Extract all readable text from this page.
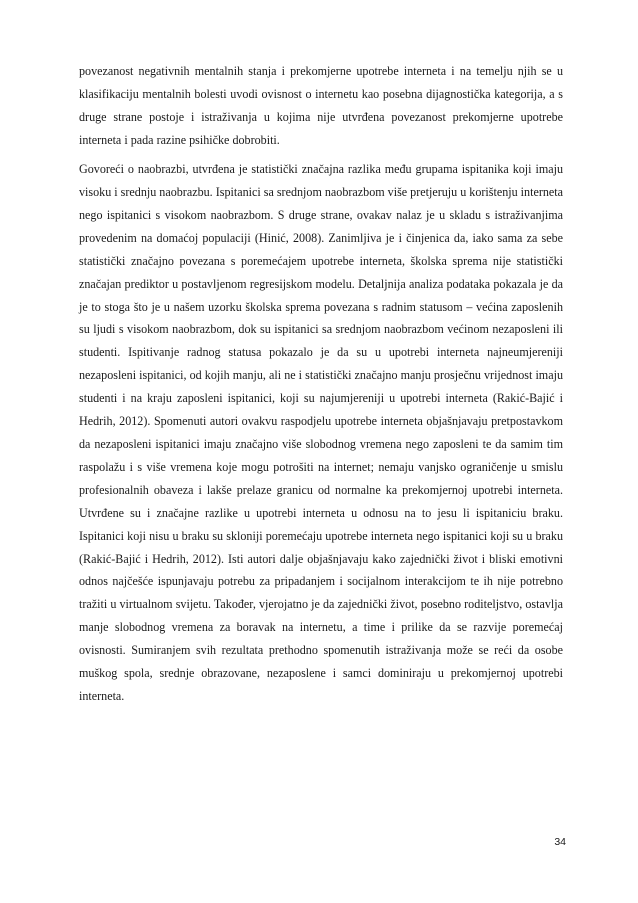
povezanost negativnih mentalnih stanja i prekomjerne upotrebe interneta i na temelju njih se u klasifikaciju mentalnih bolesti uvodi ovisnost o internetu kao posebna dijagnostička kategorija, a s druge strane postoje i istraživanja u kojima nije utvrđena povezanost prekomjerne upotrebe interneta i pada razine psihičke dobrobiti.

Govoreći o naobrazbi, utvrđena je statistički značajna razlika među grupama ispitanika koji imaju visoku i srednju naobrazbu. Ispitanici sa srednjom naobrazbom više pretjeruju u korištenju interneta nego ispitanici s visokom naobrazbom. S druge strane, ovakav nalaz je u skladu s istraživanjima provedenim na domaćoj populaciji (Hinić, 2008). Zanimljiva je i činjenica da, iako sama za sebe statistički značajno povezana s poremećajem upotrebe interneta, školska sprema nije statistički značajan prediktor u postavljenom regresijskom modelu. Detaljnija analiza podataka pokazala je da je to stoga što je u našem uzorku školska sprema povezana s radnim statusom – većina zaposlenih su ljudi s visokom naobrazbom, dok su ispitanici sa srednjom naobrazbom većinom nezaposleni ili studenti. Ispitivanje radnog statusa pokazalo je da su u upotrebi interneta najneumjereniji nezaposleni ispitanici, od kojih manju, ali ne i statistički značajno manju prosječnu vrijednost imaju studenti i na kraju zaposleni ispitanici, koji su najumjereniji u upotrebi interneta (Rakić-Bajić i Hedrih, 2012). Spomenuti autori ovakvu raspodjelu upotrebe interneta objašnjavaju pretpostavkom da nezaposleni ispitanici imaju značajno više slobodnog vremena nego zaposleni te da samim tim raspolažu i s više vremena koje mogu potrošiti na internet; nemaju vanjsko ograničenje u smislu profesionalnih obaveza i lakše prelaze granicu od normalne ka prekomjernoj upotrebi interneta. Utvrđene su i značajne razlike u upotrebi interneta u odnosu na to jesu li ispitaniciu braku. Ispitanici koji nisu u braku su skloniji poremećaju upotrebe interneta nego ispitanici koji su u braku (Rakić-Bajić i Hedrih, 2012). Isti autori dalje objašnjavaju kako zajednički život i bliski emotivni odnos najčešće ispunjavaju potrebu za pripadanjem i socijalnom interakcijom te ih nije potrebno tražiti u virtualnom svijetu. Također, vjerojatno je da zajednički život, posebno roditeljstvo, ostavlja manje slobodnog vremena za boravak na internetu, a time i prilike da se razvije poremećaj ovisnosti. Sumiranjem svih rezultata prethodno spomenutih istraživanja može se reći da osobe muškog spola, srednje obrazovane, nezaposlene i samci dominiraju u prekomjernoj upotrebi interneta.

34
